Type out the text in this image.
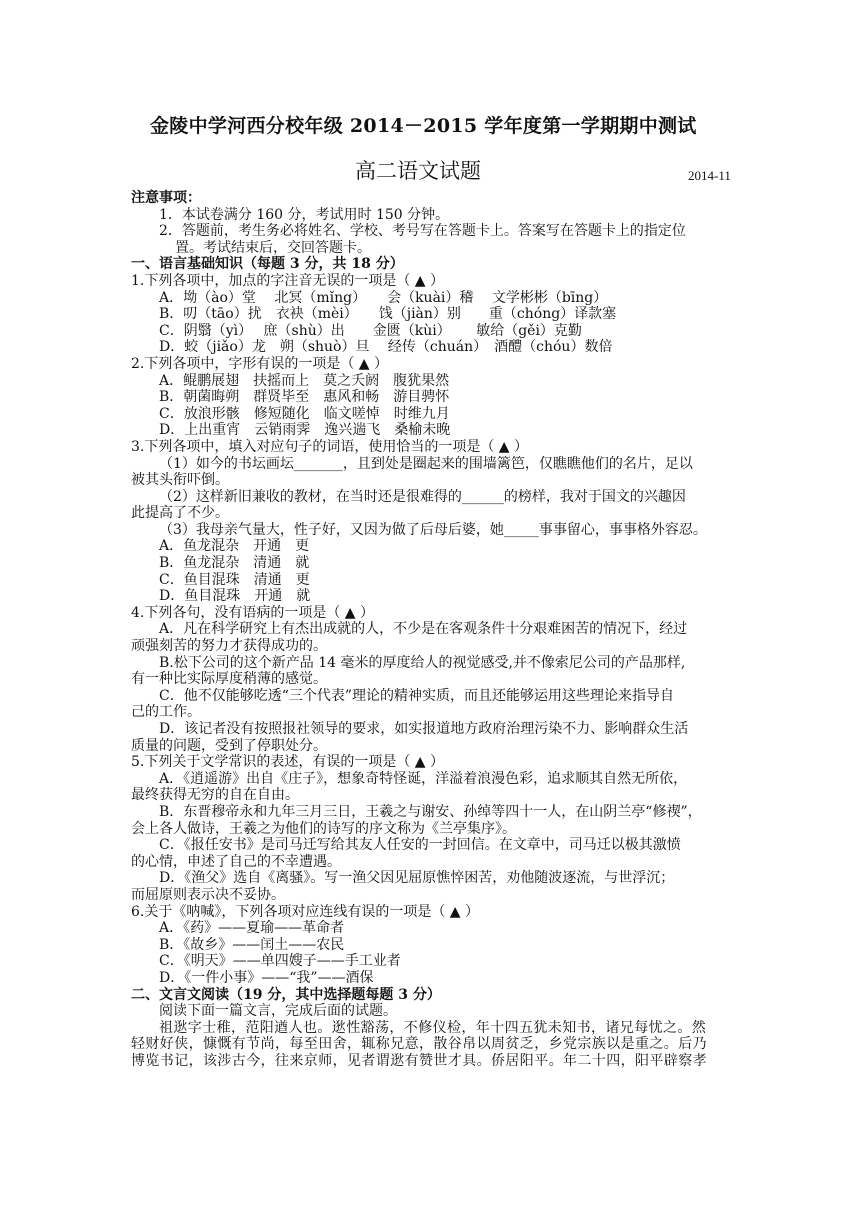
金陵中学河西分校年级 2014－2015 学年度第一学期期中测试
高二语文试题	2014-11
注意事项：
1．本试卷满分 160 分，考试用时 150 分钟。
2．答题前，考生务必将姓名、学校、考号写在答题卡上。答案写在答题卡上的指定位
置。考试结束后，交回答题卡。
一、语言基础知识（每题 3 分，共 18 分）
1.下列各项中，加点的字注音无误的一项是（ ▲ ）
A．坳（ào）堂　 北冥（mǐng）　　会（kuài）稽　 文学彬彬（bīng）
B．叨（tāo）扰　衣袂（mèi）　　饯（jiàn）别　　重（chóng）译款塞
C．阴翳（yì）　 庶（shù）出　　金匮（kùi）　　 敏给（gěi）克勤
D．蛟（jiǎo）龙　朔（shuò）旦　 经传（chuán）　酒醴（chóu）数倍
2.下列各项中，字形有误的一项是（ ▲ ）
A．鲲鹏展翅　扶摇而上　莫之夭阏　腹犹果然
B．朝菌晦朔　群贤毕至　惠风和畅　游目骋怀
C．放浪形骸　修短随化　临文嗟悼　时维九月
D．上出重宵　云销雨霁　逸兴遄飞　桑榆未晚
3.下列各项中，填入对应句子的词语，使用恰当的一项是（ ▲ ）
（1）如今的书坛画坛_______，且到处是圈起来的围墙篱笆，仅瞧瞧他们的名片，足以
被其头衔吓倒。
（2）这样新旧兼收的教材，在当时还是很难得的______的榜样，我对于国文的兴趣因
此提高了不少。
（3）我母亲气量大，性子好，又因为做了后母后婆，她_____事事留心，事事格外容忍。
A．鱼龙混杂　开通　更
B．鱼龙混杂　清通　就
C．鱼目混珠　清通　更
D．鱼目混珠　开通　就
4.下列各句，没有语病的一项是（ ▲ ）
A．凡在科学研究上有杰出成就的人，不少是在客观条件十分艰难困苦的情况下，经过
顽强刻苦的努力才获得成功的。
B.松下公司的这个新产品 14 毫米的厚度给人的视觉感受,并不像索尼公司的产品那样,
有一种比实际厚度稍薄的感觉。
C．他不仅能够吃透“三个代表”理论的精神实质，而且还能够运用这些理论来指导自
己的工作。
D．该记者没有按照报社领导的要求，如实报道地方政府治理污染不力、影响群众生活
质量的问题，受到了停职处分。
5.下列关于文学常识的表述，有误的一项是（ ▲ ）
A．《逍遥游》出自《庄子》，想象奇特怪诞，洋溢着浪漫色彩，追求顺其自然无所依，
最终获得无穷的自在自由。
B．东晋穆帝永和九年三月三日，王羲之与谢安、孙绰等四十一人，在山阴兰亭“修禊”，
会上各人做诗，王羲之为他们的诗写的序文称为《兰亭集序》。
C．《报任安书》是司马迁写给其友人任安的一封回信。在文章中，司马迁以极其激愤
的心情，申述了自己的不幸遭遇。
D．《渔父》选自《离骚》。写一渔父因见屈原憔悴困苦，劝他随波逐流，与世浮沉；
而屈原则表示决不妥协。
6.关于《呐喊》，下列各项对应连线有误的一项是（ ▲ ）
A．《药》——夏瑜——革命者
B．《故乡》——闰土——农民
C．《明天》——单四嫂子——手工业者
D．《一件小事》——“我”——酒保
二、文言文阅读（19 分，其中选择题每题 3 分）
阅读下面一篇文言，完成后面的试题。
祖逖字士稚，范阳遒人也。逖性豁荡，不修仪检，年十四五犹未知书，诸兄每忧之。然
轻财好侠，慷慨有节尚，每至田舍，辄称兄意，散谷帛以周贫乏，乡党宗族以是重之。后乃
博览书记，该涉古今，往来京师，见者谓逖有赞世才具。侨居阳平。年二十四，阳平辟察孝
